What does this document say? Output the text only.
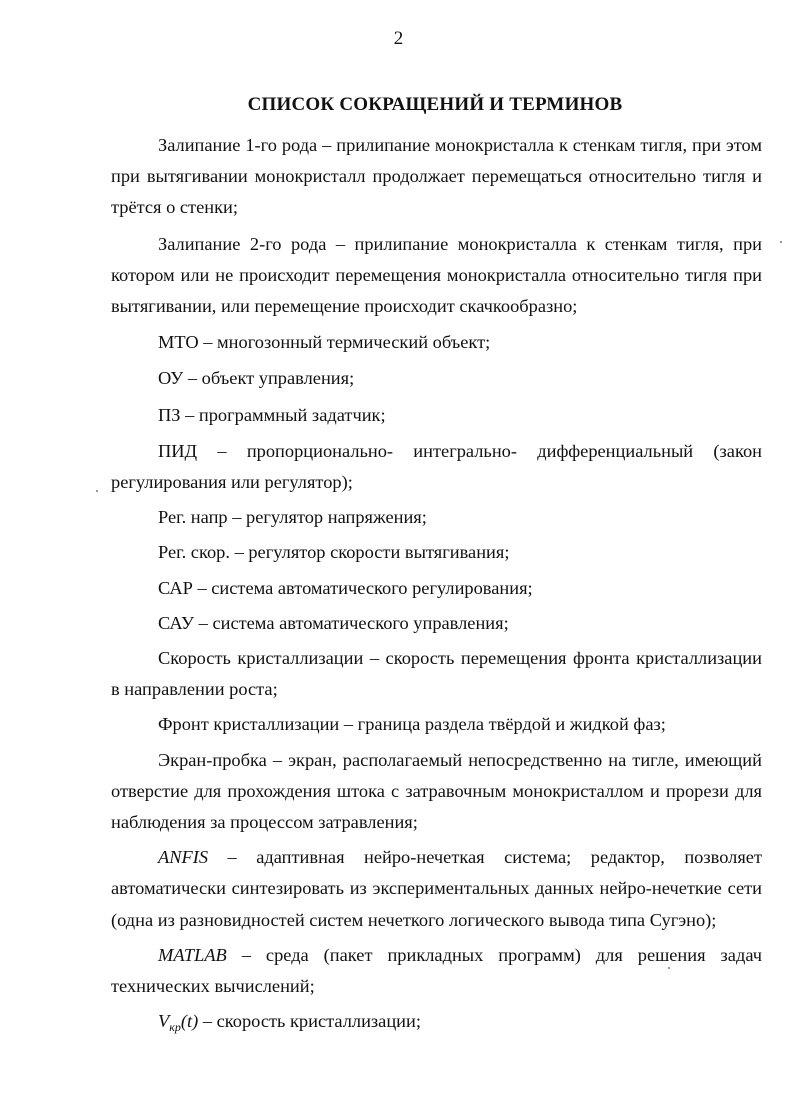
2
СПИСОК СОКРАЩЕНИЙ И ТЕРМИНОВ

Залипание 1-го рода – прилипание монокристалла к стенкам тигля, при этом при вытягивании монокристалл продолжает перемещаться относительно тигля и трётся о стенки;

Залипание 2-го рода – прилипание монокристалла к стенкам тигля, при котором или не происходит перемещения монокристалла относительно тигля при вытягивании, или перемещение происходит скачкообразно;

МТО – многозонный термический объект;

ОУ – объект управления;

ПЗ – программный задатчик;

ПИД – пропорционально- интегрально- дифференциальный (закон регулирования или регулятор);

Рег. напр – регулятор напряжения;

Рег. скор. – регулятор скорости вытягивания;

САР – система автоматического регулирования;

САУ – система автоматического управления;

Скорость кристаллизации – скорость перемещения фронта кристаллизации в направлении роста;

Фронт кристаллизации – граница раздела твёрдой и жидкой фаз;

Экран-пробка – экран, располагаемый непосредственно на тигле, имеющий отверстие для прохождения штока с затравочным монокристаллом и прорези для наблюдения за процессом затравления;

ANFIS – адаптивная нейро-нечеткая система; редактор, позволяет автоматически синтезировать из экспериментальных данных нейро-нечеткие сети (одна из разновидностей систем нечеткого логического вывода типа Сугэно);

MATLAB – среда (пакет прикладных программ) для решения задач технических вычислений;

$V_{кр}(t)$ – скорость кристаллизации;
